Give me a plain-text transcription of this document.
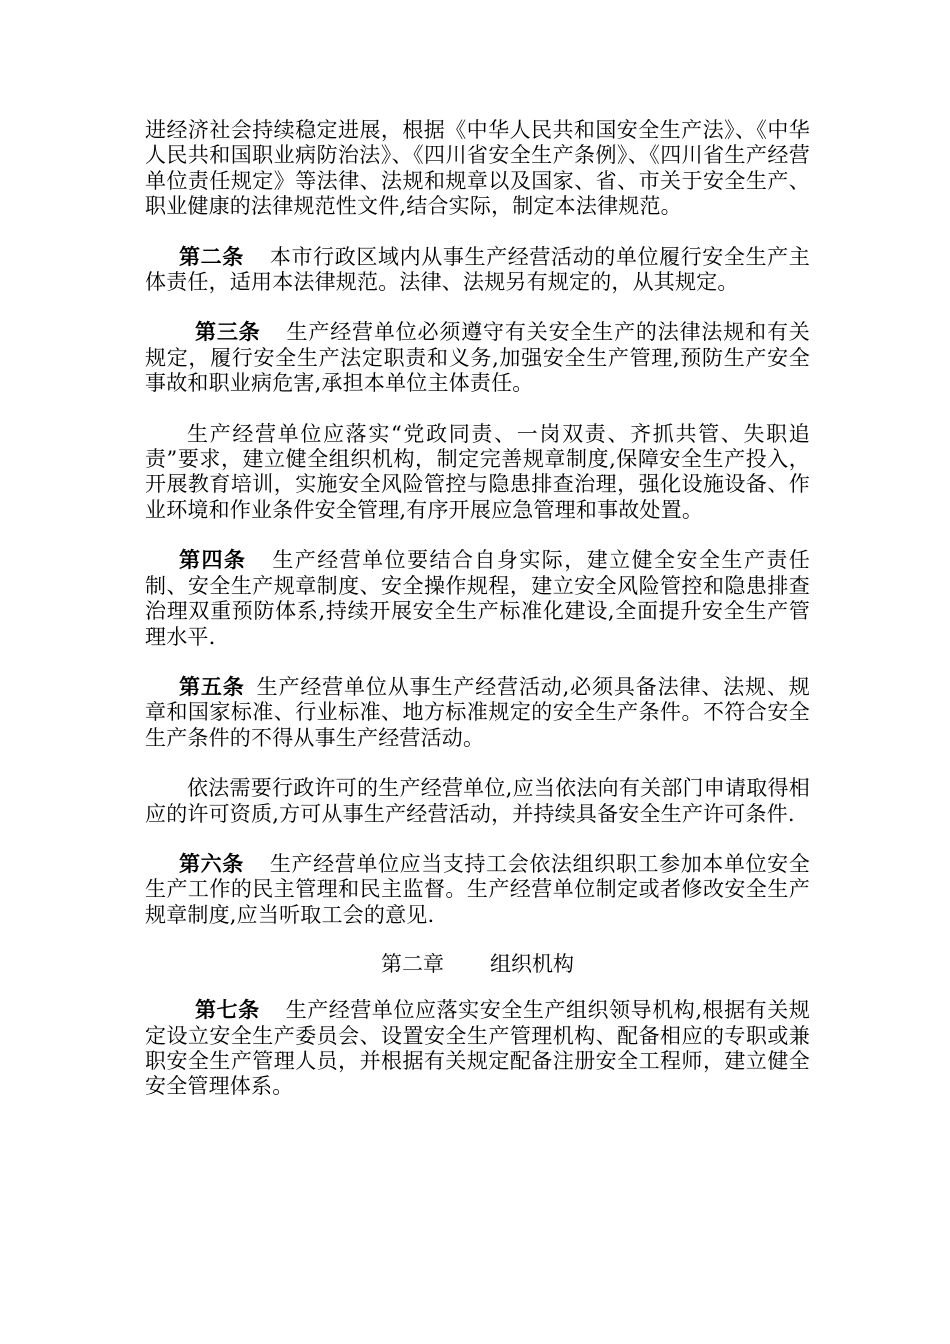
进经济社会持续稳定进展，根据《中华人民共和国安全生产法》、《中华人民共和国职业病防治法》、《四川省安全生产条例》、《四川省生产经营单位责任规定》等法律、法规和规章以及国家、省、市关于安全生产、职业健康的法律规范性文件,结合实际，制定本法律规范。

第二条 本市行政区域内从事生产经营活动的单位履行安全生产主体责任，适用本法律规范。法律、法规另有规定的，从其规定。

第三条 生产经营单位必须遵守有关安全生产的法律法规和有关规定，履行安全生产法定职责和义务,加强安全生产管理,预防生产安全事故和职业病危害,承担本单位主体责任。

生产经营单位应落实“党政同责、一岗双责、齐抓共管、失职追责”要求，建立健全组织机构，制定完善规章制度,保障安全生产投入，开展教育培训，实施安全风险管控与隐患排查治理，强化设施设备、作业环境和作业条件安全管理,有序开展应急管理和事故处置。

第四条 生产经营单位要结合自身实际，建立健全安全生产责任制、安全生产规章制度、安全操作规程，建立安全风险管控和隐患排查治理双重预防体系,持续开展安全生产标准化建设,全面提升安全生产管理水平.

第五条 生产经营单位从事生产经营活动,必须具备法律、法规、规章和国家标准、行业标准、地方标准规定的安全生产条件。不符合安全生产条件的不得从事生产经营活动。

依法需要行政许可的生产经营单位,应当依法向有关部门申请取得相应的许可资质,方可从事生产经营活动，并持续具备安全生产许可条件.

第六条 生产经营单位应当支持工会依法组织职工参加本单位安全生产工作的民主管理和民主监督。生产经营单位制定或者修改安全生产规章制度,应当听取工会的意见.

第二章 组织机构

第七条 生产经营单位应落实安全生产组织领导机构,根据有关规定设立安全生产委员会、设置安全生产管理机构、配备相应的专职或兼职安全生产管理人员，并根据有关规定配备注册安全工程师，建立健全安全管理体系。
